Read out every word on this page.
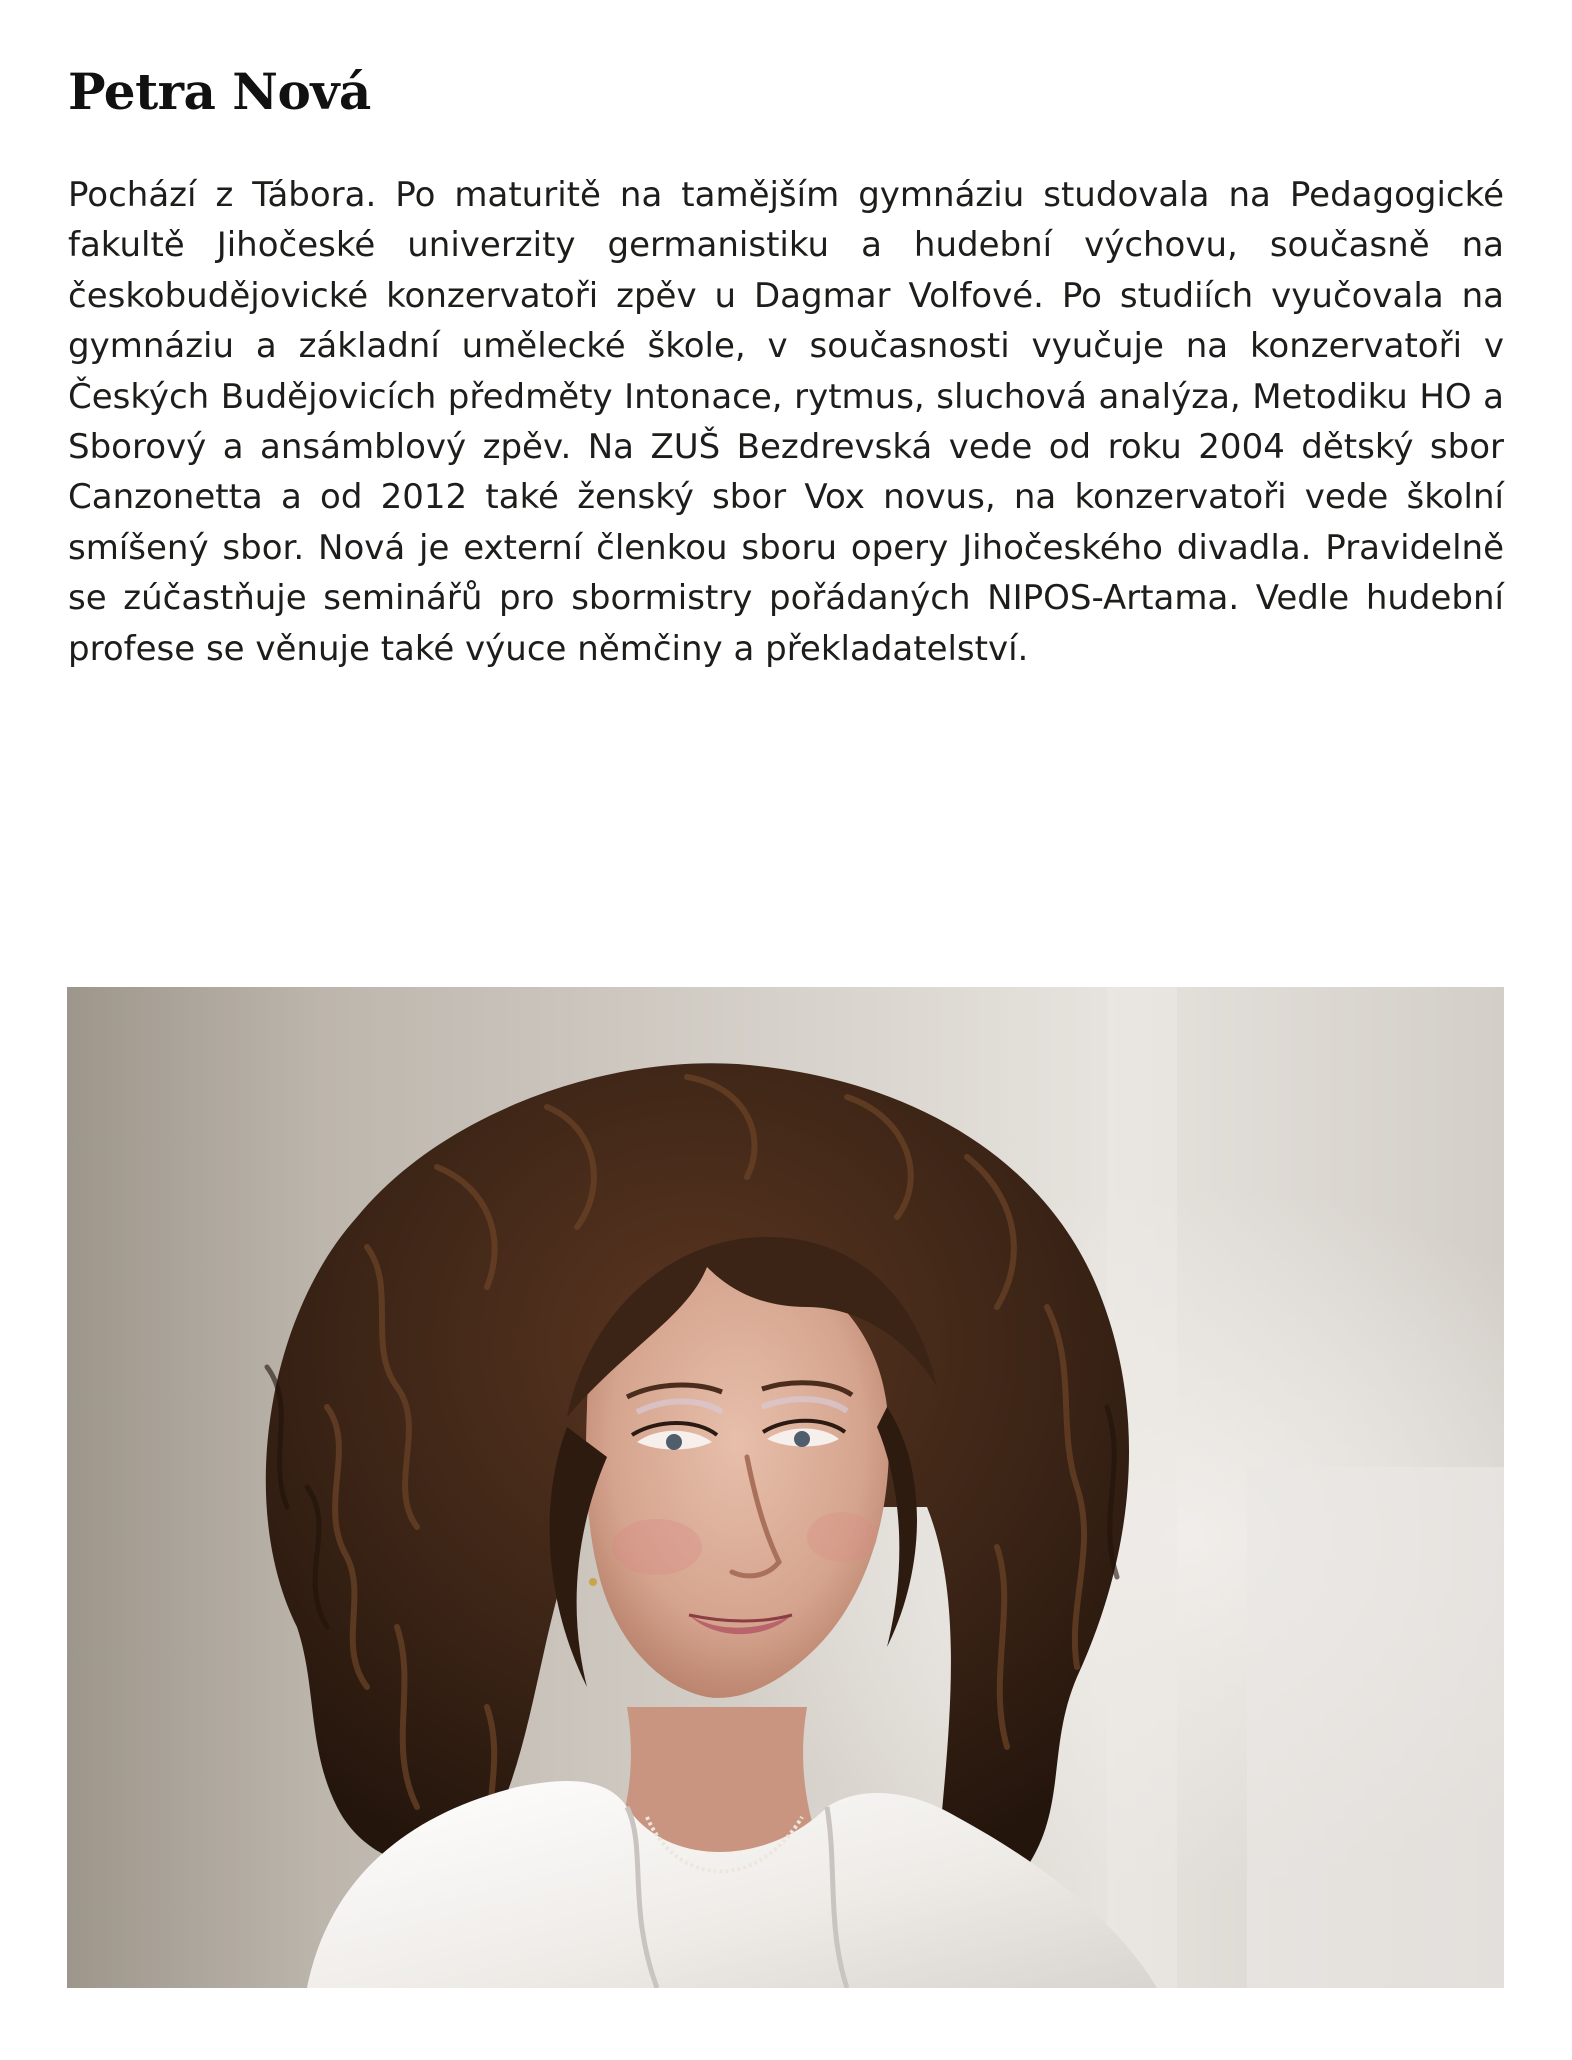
Petra Nová

Pochází z Tábora. Po maturitě na tamějším gymnáziu studovala na Pedagogické fakultě Jihočeské univerzity germanistiku a hudební výchovu, současně na českobudějovické konzervatoři zpěv u Dagmar Volfové. Po studiích vyučovala na gymnáziu a základní umělecké škole, v současnosti vyučuje na konzervatoři v Českých Budějovicích předměty Intonace, rytmus, sluchová analýza, Metodiku HO a Sborový a ansámblový zpěv. Na ZUŠ Bezdrevská vede od roku 2004 dětský sbor Canzonetta a od 2012 také ženský sbor Vox novus, na konzervatoři vede školní smíšený sbor. Nová je externí členkou sboru opery Jihočeského divadla. Pravidelně se zúčastňuje seminářů pro sbormistry pořádaných NIPOS-Artama. Vedle hudební profese se věnuje také výuce němčiny a překladatelství.
